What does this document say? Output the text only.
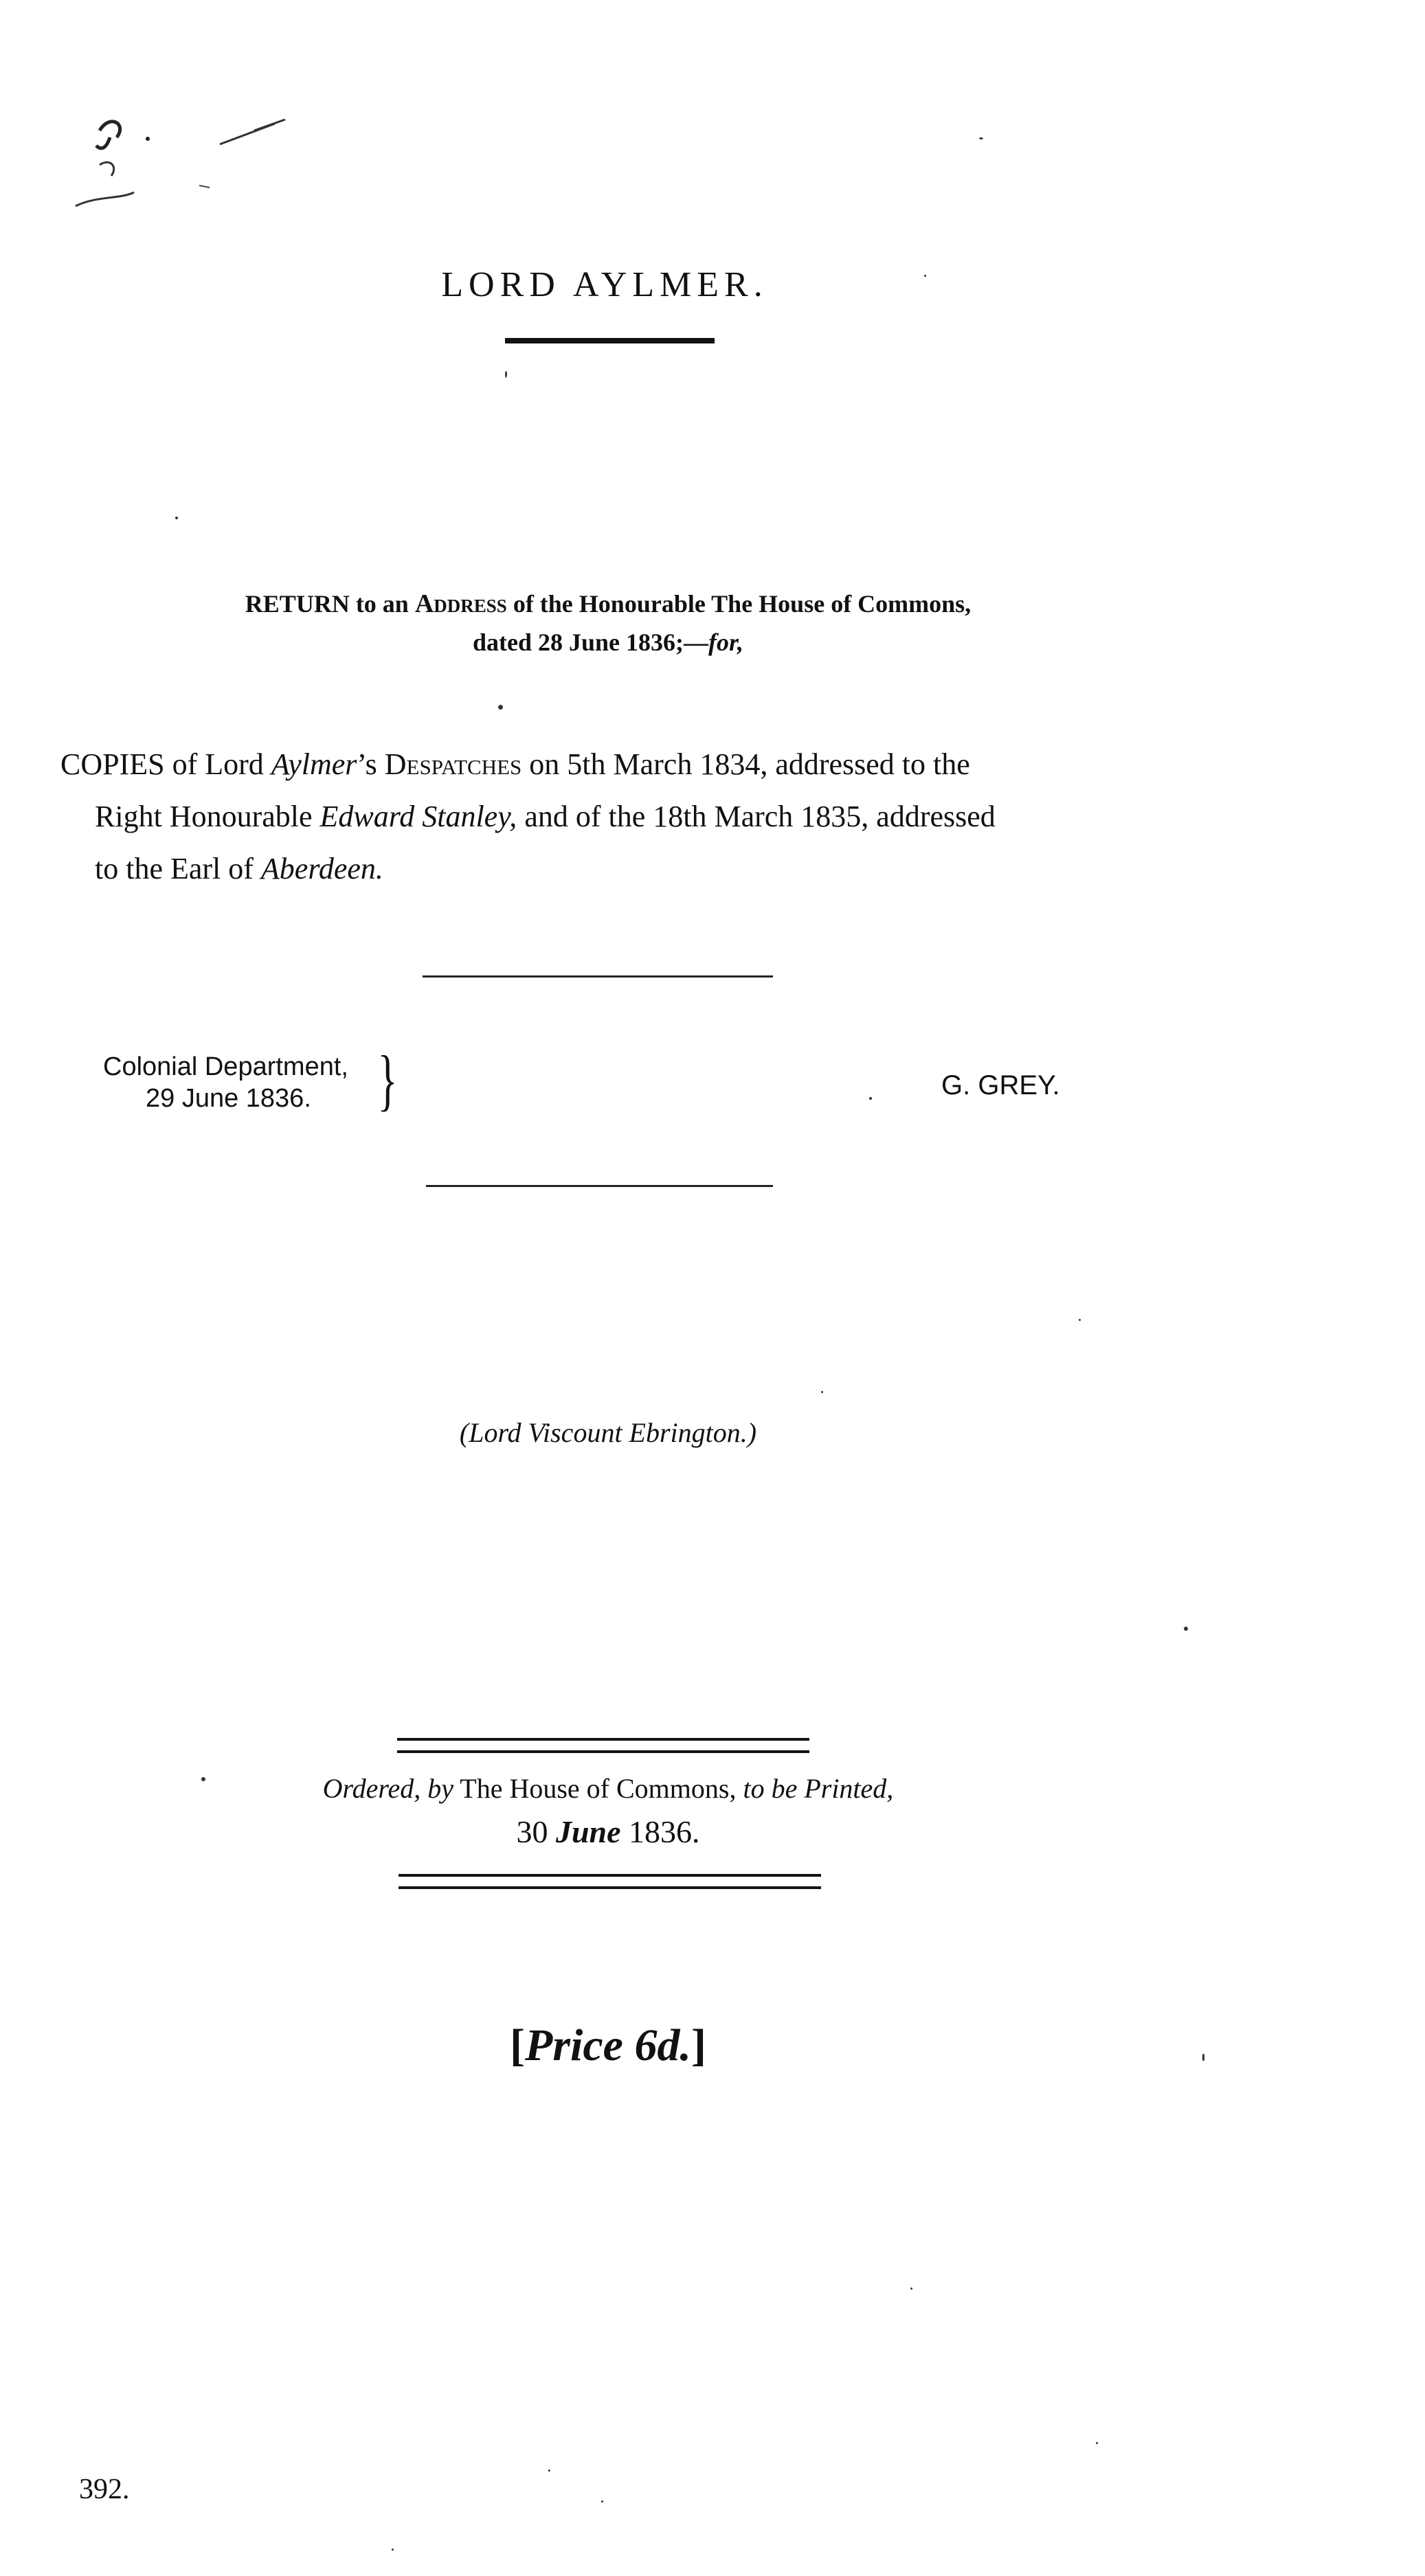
LORD AYLMER.
RETURN to an Address of the Honourable The House of Commons,
dated 28 June 1836;—for,
COPIES of Lord Aylmer’s Despatches on 5th March 1834, addressed to the
Right Honourable Edward Stanley, and of the 18th March 1835, addressed
to the Earl of Aberdeen.
Colonial Department,
29 June 1836. }	G. GREY.
(Lord Viscount Ebrington.)
Ordered, by The House of Commons, to be Printed,
30 June 1836.
[Price 6d.]
392.
